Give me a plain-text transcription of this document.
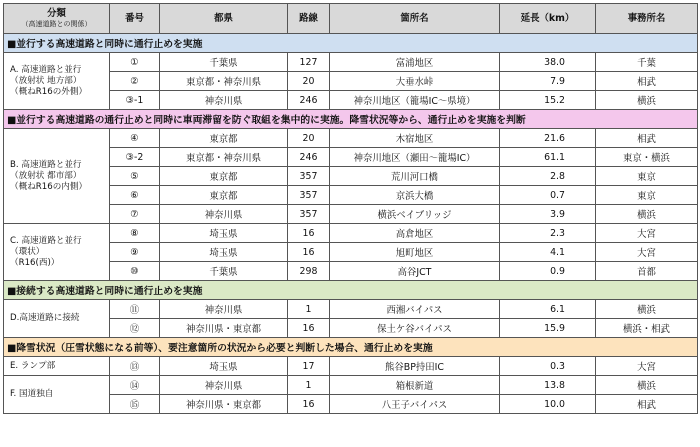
分類
（高速道路との関係）	番号	都県	路線	箇所名	延長（km）	事務所名
■並行する高速道路と同時に通行止めを実施						

A. 高速道路と並行
（放射状 地方部）
（概ねR16の外側）	①	千葉県	127	富浦地区	38.0	千葉
	②	東京都・神奈川県	20	大垂水峠	7.9	相武
	③-1	神奈川県	246	神奈川地区（籠場IC～県境）	15.2	横浜
■並行する高速道路の通行止めと同時に車両滞留を防ぐ取組を集中的に実施。降雪状況等から、通行止めを実施を判断						

B. 高速道路と並行
（放射状 都市部）
（概ねR16の内側）	④	東京都	20	木宿地区	21.6	相武
	③-2	東京都・神奈川県	246	神奈川地区（瀬田～籠場IC）	61.1	東京・横浜
	⑤	東京都	357	荒川河口橋	2.8	東京
	⑥	東京都	357	京浜大橋	0.7	東京
	⑦	神奈川県	357	横浜ベイブリッジ	3.9	横浜

C. 高速道路と並行
（環状）
（R16(西)）	⑧	埼玉県	16	高倉地区	2.3	大宮
	⑨	埼玉県	16	旭町地区	4.1	大宮
	⑩	千葉県	298	高谷JCT	0.9	首都
■接続する高速道路と同時に通行止めを実施						

D.高速道路に接続	⑪	神奈川県	1	西湘バイパス	6.1	横浜
	⑫	神奈川県・東京都	16	保土ケ谷バイパス	15.9	横浜・相武
■降雪状況（圧雪状態になる前等）、要注意箇所の状況から必要と判断した場合、通行止めを実施						

E. ランプ部	⑬	埼玉県	17	熊谷BP持田IC	0.3	大宮

F. 国道独自	⑭	神奈川県	1	箱根新道	13.8	横浜
	⑮	神奈川県・東京都	16	八王子バイパス	10.0	相武
